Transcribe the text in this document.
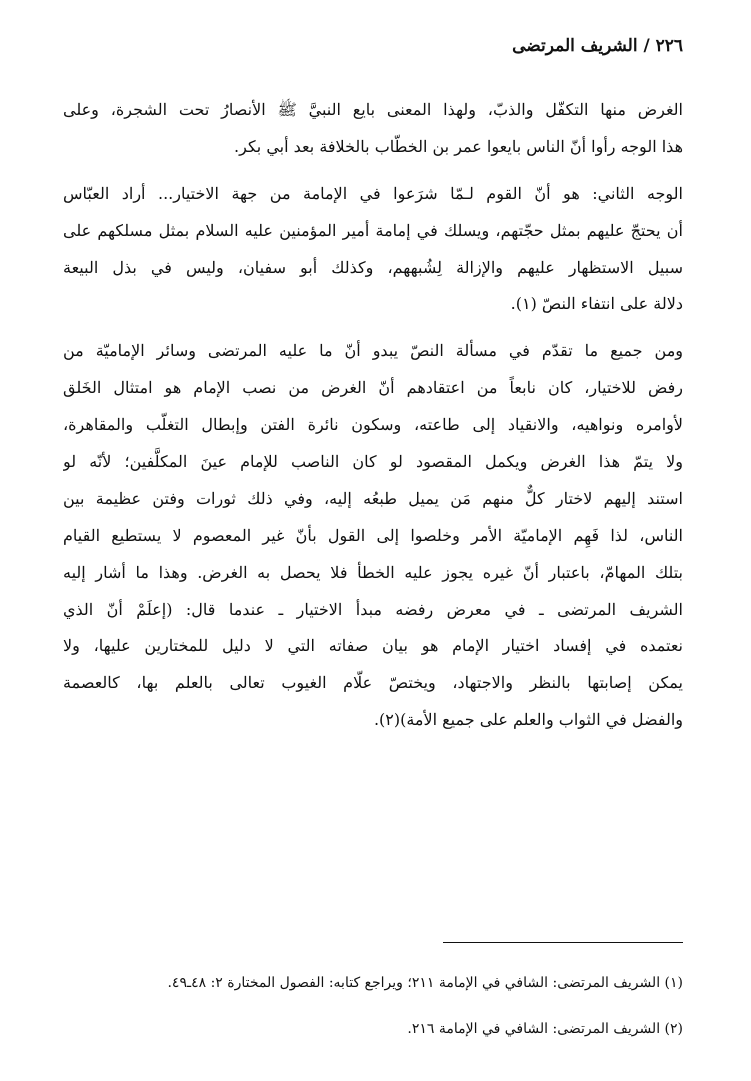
٢٢٦ / الشريف المرتضى
الغرض منها التكفّل والذبّ، ولهذا المعنى بايع النبيَّ ﷺ الأنصارُ تحت الشجرة، وعلى
هذا الوجه رأوا أنّ الناس بايعوا عمر بن الخطّاب بالخلافة بعد أبي بكر.
الوجه الثاني: هو أنّ القوم لـمّا شرَعوا في الإمامة من جهة الاختيار... أراد العبّاس
أن يحتجّ عليهم بمثل حجّتهم، ويسلك في إمامة أمير المؤمنين عليه السلام بمثل مسلكهم على
سبيل الاستظهار عليهم والإزالة لِشُبههم، وكذلك أبو سفيان، وليس في بذل البيعة
دلالة على انتفاء النصّ (١).
ومن جميع ما تقدّم في مسألة النصّ يبدو أنّ ما عليه المرتضى وسائر الإماميّة من
رفض للاختيار، كان نابعاً من اعتقادهم أنّ الغرض من نصب الإمام هو امتثال الخَلق
لأوامره ونواهيه، والانقياد إلى طاعته، وسكون نائرة الفتن وإبطال التغلّب والمقاهرة،
ولا يتمّ هذا الغرض ويكمل المقصود لو كان الناصب للإمام عينَ المكلَّفين؛ لأنّه لو
استند إليهم لاختار كلٌّ منهم مَن يميل طبعُه إليه، وفي ذلك ثورات وفتن عظيمة بين
الناس، لذا فَهِم الإماميّة الأمر وخلصوا إلى القول بأنّ غير المعصوم لا يستطيع القيام
بتلك المهامّ، باعتبار أنّ غيره يجوز عليه الخطأ فلا يحصل به الغرض. وهذا ما أشار إليه
الشريف المرتضى ـ في معرض رفضه مبدأ الاختيار ـ عندما قال: (إعلَمْ أنّ الذي
نعتمده في إفساد اختيار الإمام هو بيان صفاته التي لا دليل للمختارين عليها، ولا
يمكن إصابتها بالنظر والاجتهاد، ويختصّ علّام الغيوب تعالى بالعلم بها، كالعصمة
والفضل في الثواب والعلم على جميع الأمة)(٢).
(١) الشريف المرتضى: الشافي في الإمامة ٢١١؛ ويراجع كتابه: الفصول المختارة ٢: ٤٨ـ٤٩.
(٢) الشريف المرتضى: الشافي في الإمامة ٢١٦.
